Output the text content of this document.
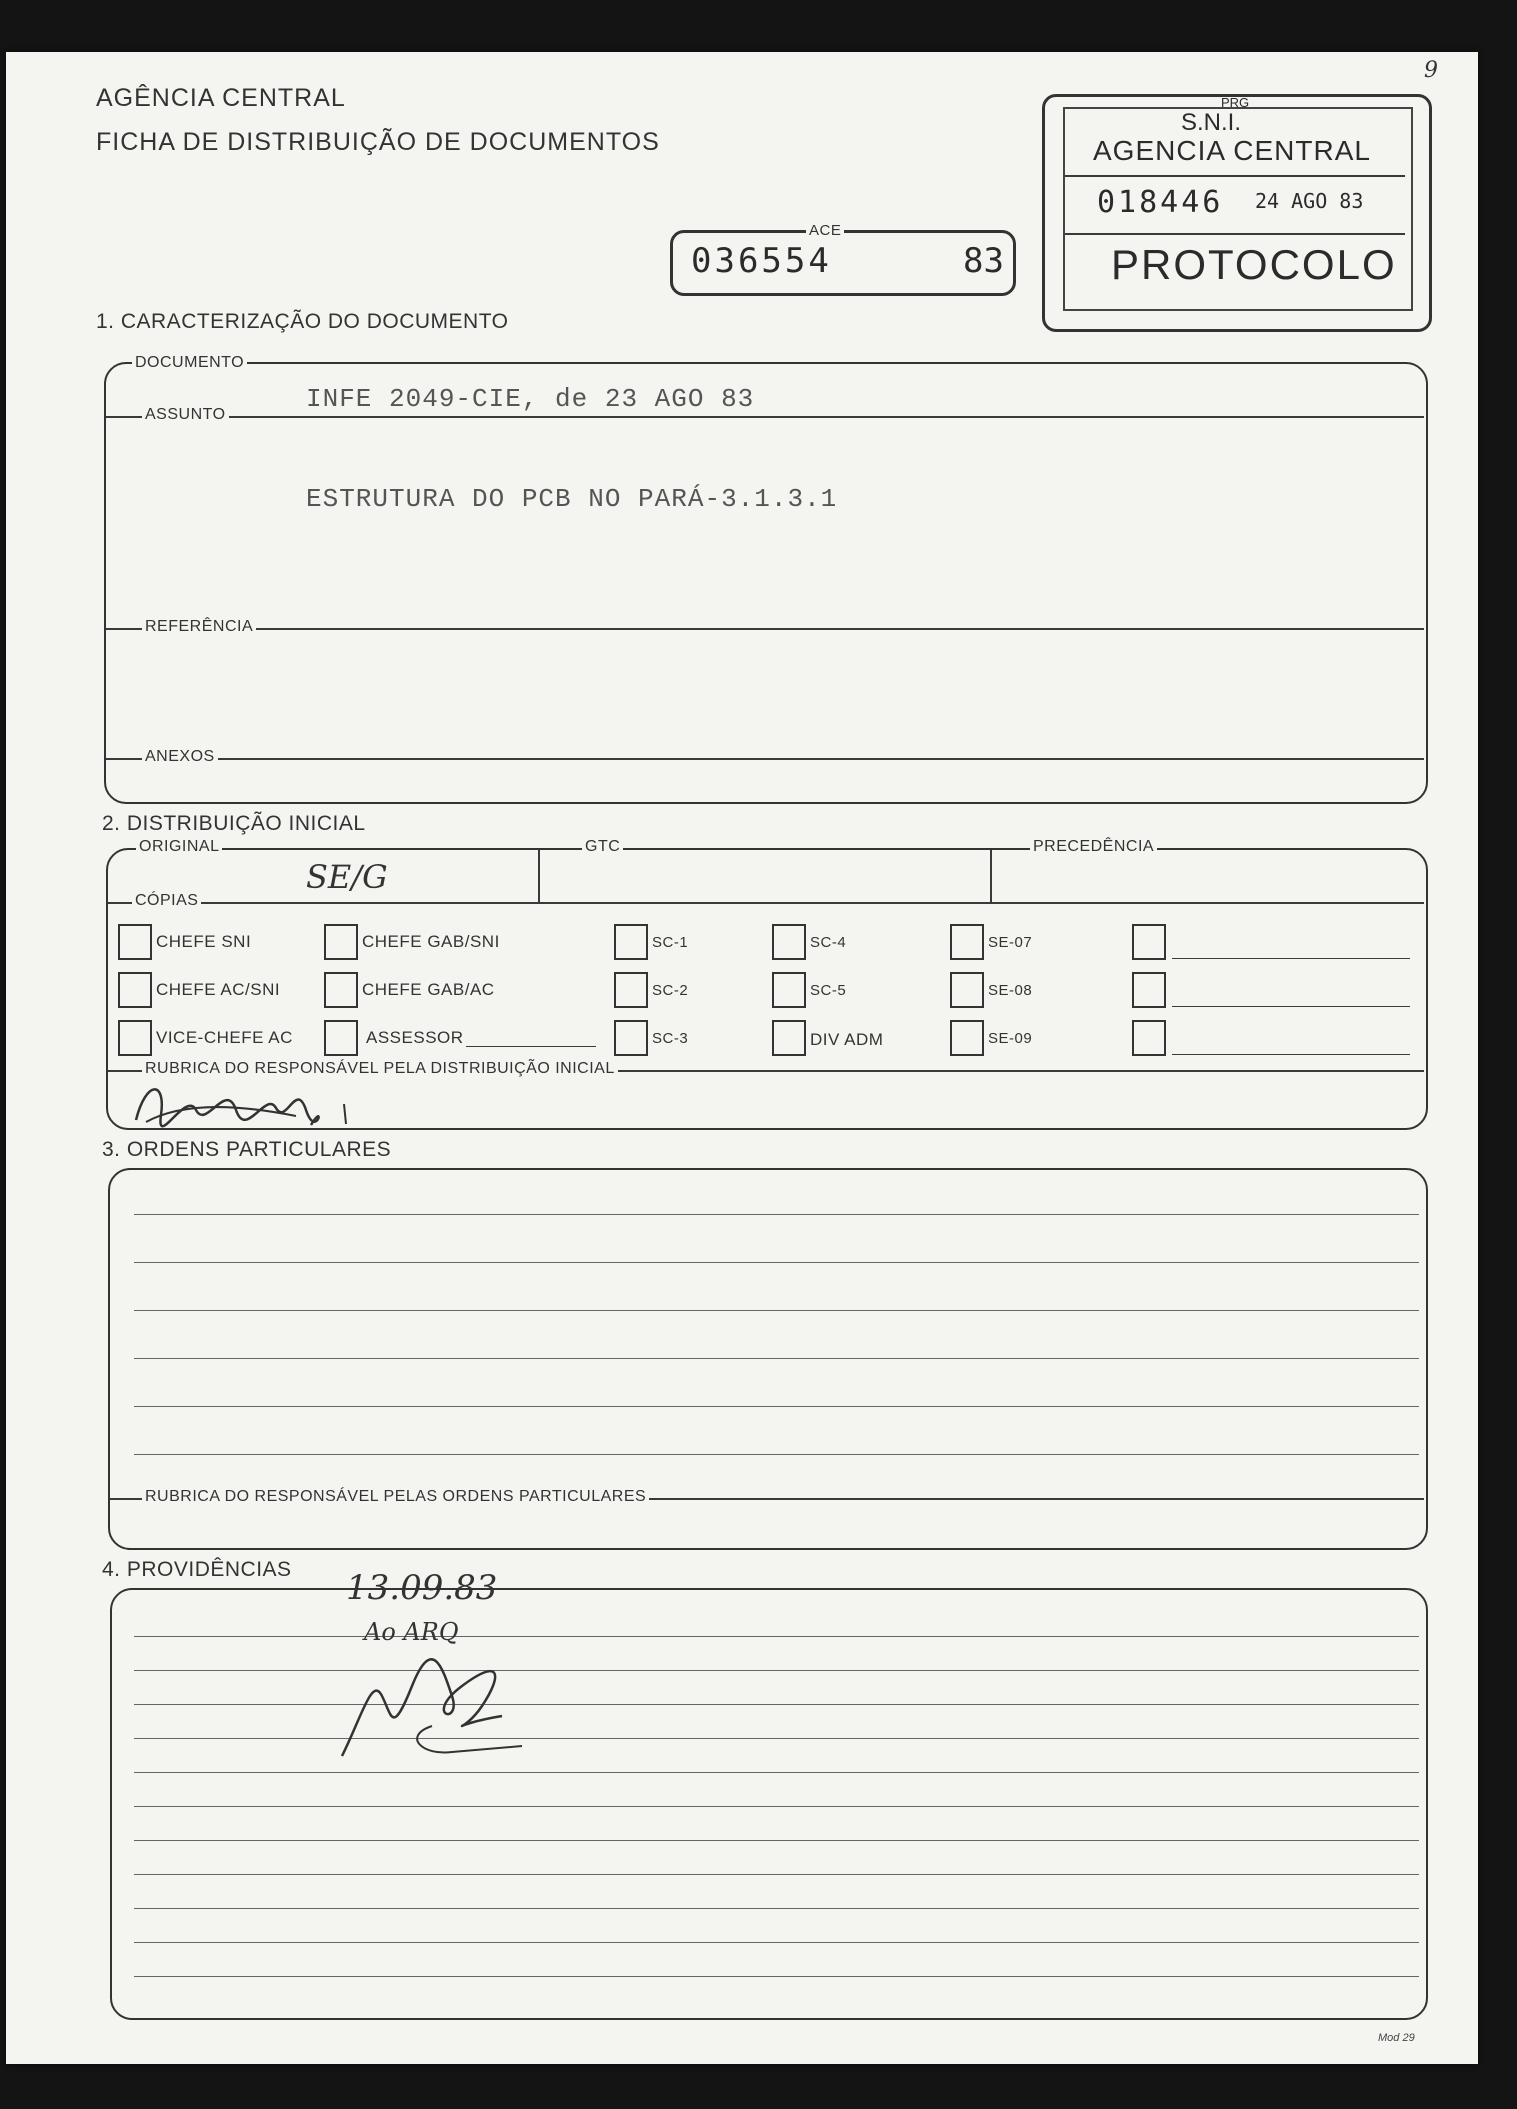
AGÊNCIA CENTRAL
FICHA DE DISTRIBUIÇÃO DE DOCUMENTOS
9
036554	83
ACE
PRG
S.N.I.
AGENCIA CENTRAL
018446 24 AGO 83
PROTOCOLO
1. CARACTERIZAÇÃO DO DOCUMENTO
DOCUMENTO
ASSUNTO
INFE 2049-CIE, de 23 AGO 83
ESTRUTURA DO PCB NO PARÁ-3.1.3.1
REFERÊNCIA
ANEXOS
2. DISTRIBUIÇÃO INICIAL
ORIGINAL	GTC	PRECEDÊNCIA
CÓPIAS
SE/G
CHEFE SNI	CHEFE GAB/SNI	SC-1	SC-4	SE-07
CHEFE AC/SNI	CHEFE GAB/AC	SC-2	SC-5	SE-08
VICE-CHEFE AC	ASSESSOR	SC-3	DIV ADM	SE-09
RUBRICA DO RESPONSÁVEL PELA DISTRIBUIÇÃO INICIAL
3. ORDENS PARTICULARES
RUBRICA DO RESPONSÁVEL PELAS ORDENS PARTICULARES
4. PROVIDÊNCIAS 13.09.83
Ao ARQ
Mod 29
